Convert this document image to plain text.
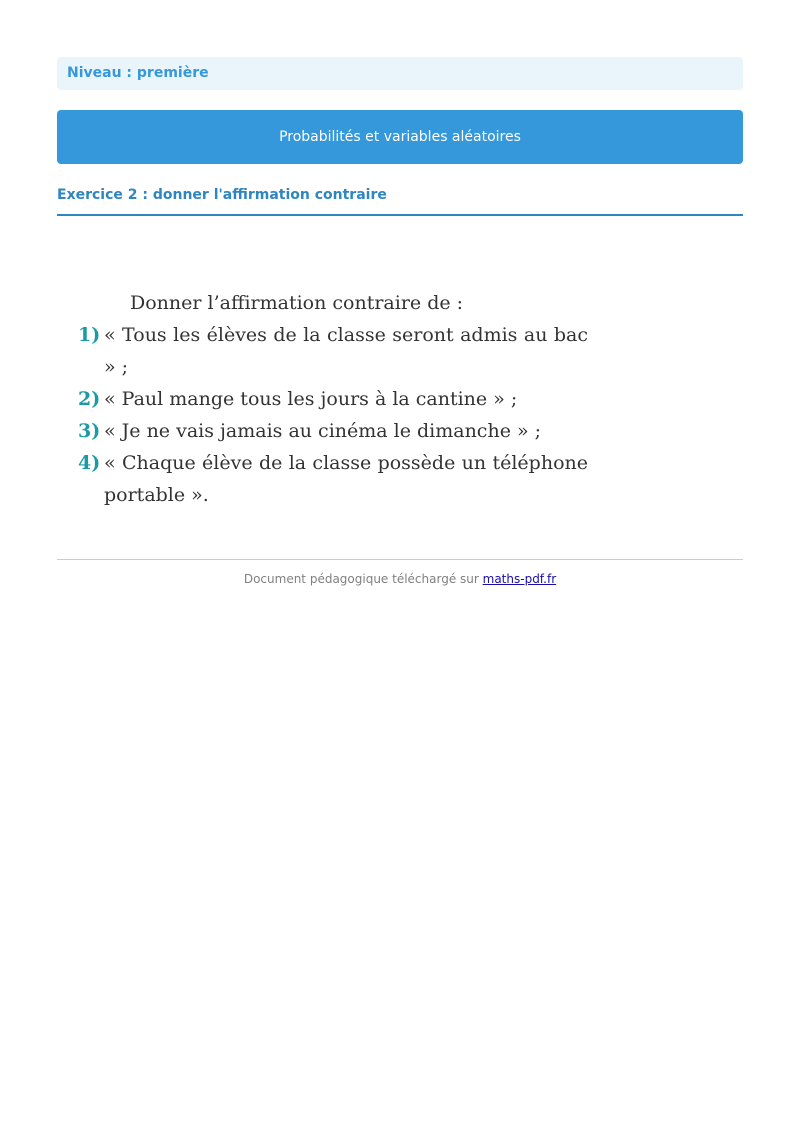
Niveau : première
Probabilités et variables aléatoires
Exercice 2 : donner l'affirmation contraire

Donner l’affirmation contraire de :

1) « Tous les élèves de la classe seront admis au bac » ;
2) « Paul mange tous les jours à la cantine » ;
3) « Je ne vais jamais au cinéma le dimanche » ;
4) « Chaque élève de la classe possède un téléphone portable ».
Document pédagogique téléchargé sur maths-pdf.fr
